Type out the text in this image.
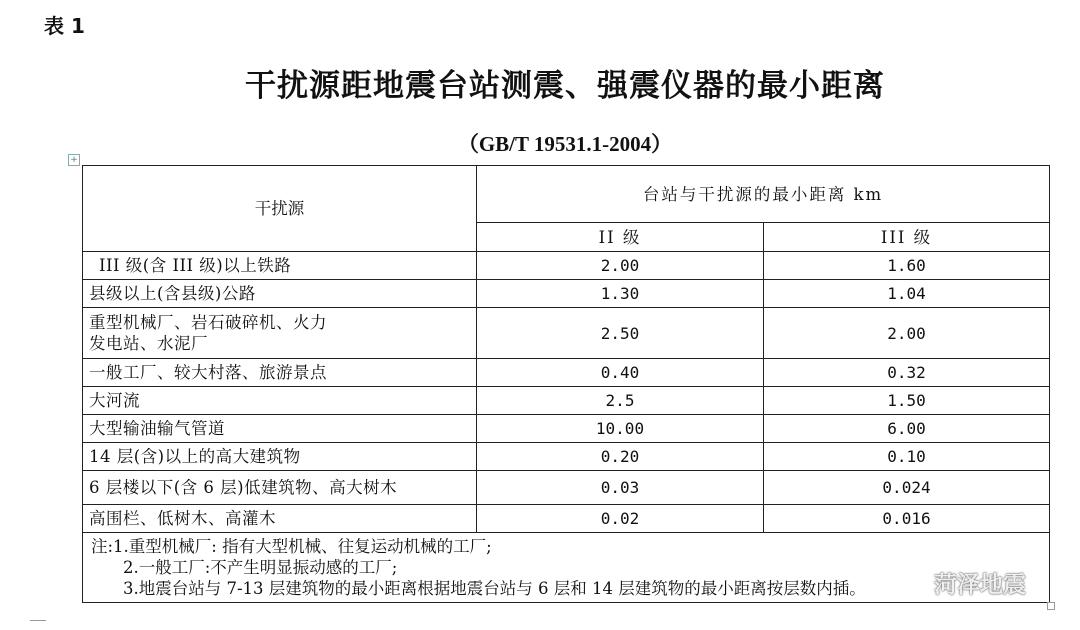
表 1
干扰源距地震台站测震、强震仪器的最小距离
（GB/T 19531.1-2004）
+
干扰源	台站与干扰源的最小距离 km	
	II 级	III 级
III 级(含 III 级)以上铁路	2.00	1.60
县级以上(含县级)公路	1.30	1.04

重型机械厂、岩石破碎机、火力
发电站、水泥厂	2.50	2.00
一般工厂、较大村落、旅游景点	0.40	0.32
大河流	2.5	1.50
大型输油输气管道	10.00	6.00
14 层(含)以上的高大建筑物	0.20	0.10
6 层楼以下(含 6 层)低建筑物、高大树木	0.03	0.024
高围栏、低树木、高灌木	0.02	0.016

注:1.重型机械厂: 指有大型机械、往复运动机械的工厂;
2.一般工厂:不产生明显振动感的工厂;
3.地震台站与 7-13 层建筑物的最小距离根据地震台站与 6 层和 14 层建筑物的最小距离按层数内插。			菏泽地震
